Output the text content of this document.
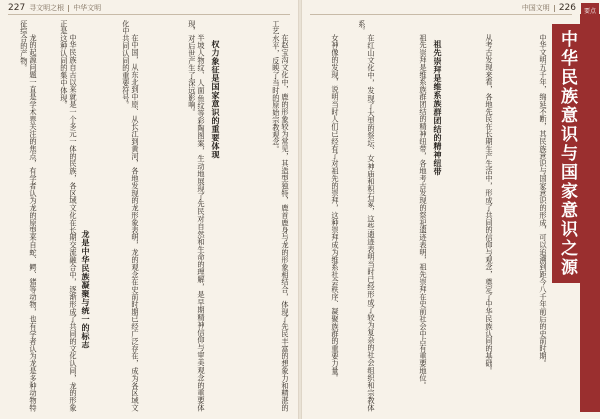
227 寻文明之根 中华文明

在赵宝沟文化中，鹿的形象较为常见，其造型独特，鹿首鹿身与龙的形象相结合，体现了先民丰富的想象力和精湛的工艺水平，反映了当时的原始宗教观念。

权力象征是国家意识的重要体现

半坡人物纹、人面鱼纹等彩陶图案，生动地展现了先民对自然和生命的理解，是早期精神信仰与审美观念的重要体现，对后世产生了深远影响。

在中国，从东北到中原、从长江到黄河，各地发现的龙形象表明，龙的观念在史前时期已经广泛存在，成为各区域文化中共同认同的重要符号。

龙是中华民族凝聚与统一的标志

中华民族自古以来就是一个多元一体的民族，各区域文化在长期交流融合中，逐渐形成了共同的文化认同，龙的形象正是这种认同的集中体现。

龙的起源问题一直是学术界关注的焦点，有学者认为龙的原型来自蛇、鳄、猪等动物，也有学者认为龙是多种动物特征综合的产物。

中国文明 226	要点
中华民族意识与国家意识之源

中华文明五千年，绵延不断，其民族意识与国家意识的形成，可以追溯到距今八千年前后的史前时期。

从考古发现来看，各地先民在长期生产生活中，形成了共同的信仰与观念，奠定了中华民族认同的基础。

祖先崇拜是维系族群团结的精神纽带

祖先崇拜是维系族群团结的精神纽带，各地考古发现的祭祀遗迹表明，祖先崇拜在史前社会中占有重要地位。

在红山文化中，发现了大型的祭坛、女神庙和积石冢，这些遗迹表明当时已经形成了较为复杂的社会组织和宗教体系。

女神像的发现，说明当时人们已经有了对祖先的崇拜，这种崇拜成为维系社会秩序、凝聚族群的重要力量。
